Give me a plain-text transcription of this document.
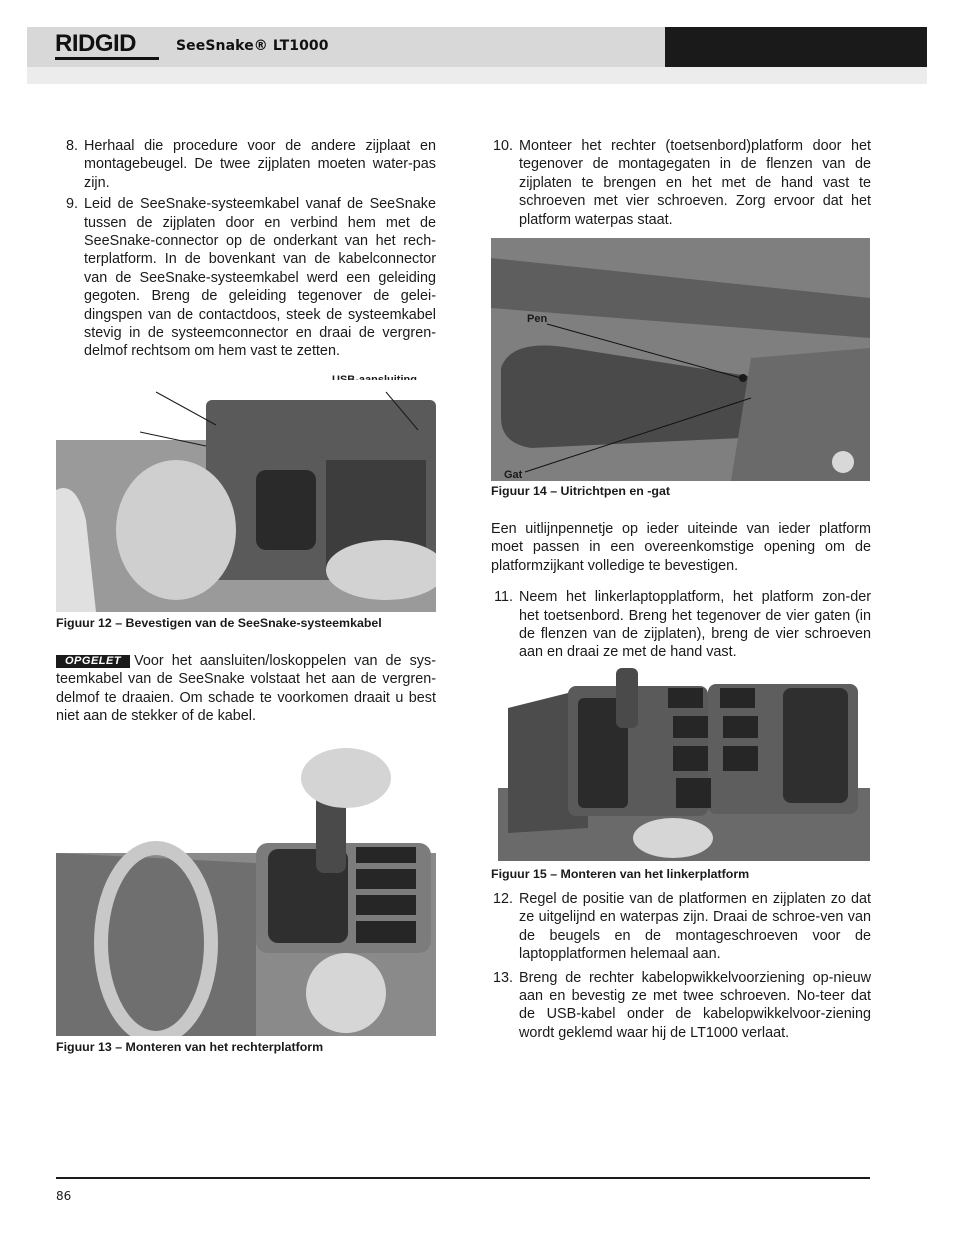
RIDGID	SeeSnake® LT1000
8. Herhaal die procedure voor de andere zijplaat en montagebeugel. De twee zijplaten moeten water-pas zijn.
9. Leid de SeeSnake-systeemkabel vanaf de SeeSnake tussen de zijplaten door en verbind hem met de SeeSnake-connector op de onderkant van het rech-terplatform. In de bovenkant van de kabelconnector van de SeeSnake-systeemkabel werd een geleiding gegoten. Breng de geleiding tegenover de gelei-dingspen van de contactdoos, steek de systeemkabel stevig in de systeemconnector en draai de vergren-delmof rechtsom om hem vast te zetten.
Figuur 12 – Bevestigen van de SeeSnake-systeemkabel
OPGELET Voor het aansluiten/loskoppelen van de sys-teemkabel van de SeeSnake volstaat het aan de vergren-delmof te draaien. Om schade te voorkomen draait u best niet aan de stekker of de kabel.
Figuur 13 – Monteren van het rechterplatform
10. Monteer het rechter (toetsenbord)platform door het tegenover de montagegaten in de flenzen van de zijplaten te brengen en het met de hand vast te schroeven met vier schroeven. Zorg ervoor dat het platform waterpas staat.
Pen
Gat
Figuur 14 – Uitrichtpen en -gat
Een uitlijnpennetje op ieder uiteinde van ieder platform moet passen in een overeenkomstige opening om de platformzijkant volledige te bevestigen.
11. Neem het linkerlaptopplatform, het platform zon-der het toetsenbord. Breng het tegenover de vier gaten (in de flenzen van de zijplaten), breng de vier schroeven aan en draai ze met de hand vast.
Figuur 15 – Monteren van het linkerplatform
12. Regel de positie van de platformen en zijplaten zo dat ze uitgelijnd en waterpas zijn. Draai de schroe-ven van de beugels en de montageschroeven voor de laptopplatformen helemaal aan.
13. Breng de rechter kabelopwikkelvoorziening op-nieuw aan en bevestig ze met twee schroeven. No-teer dat de USB-kabel onder de kabelopwikkelvoor-ziening wordt geklemd waar hij de LT1000 verlaat.
86
